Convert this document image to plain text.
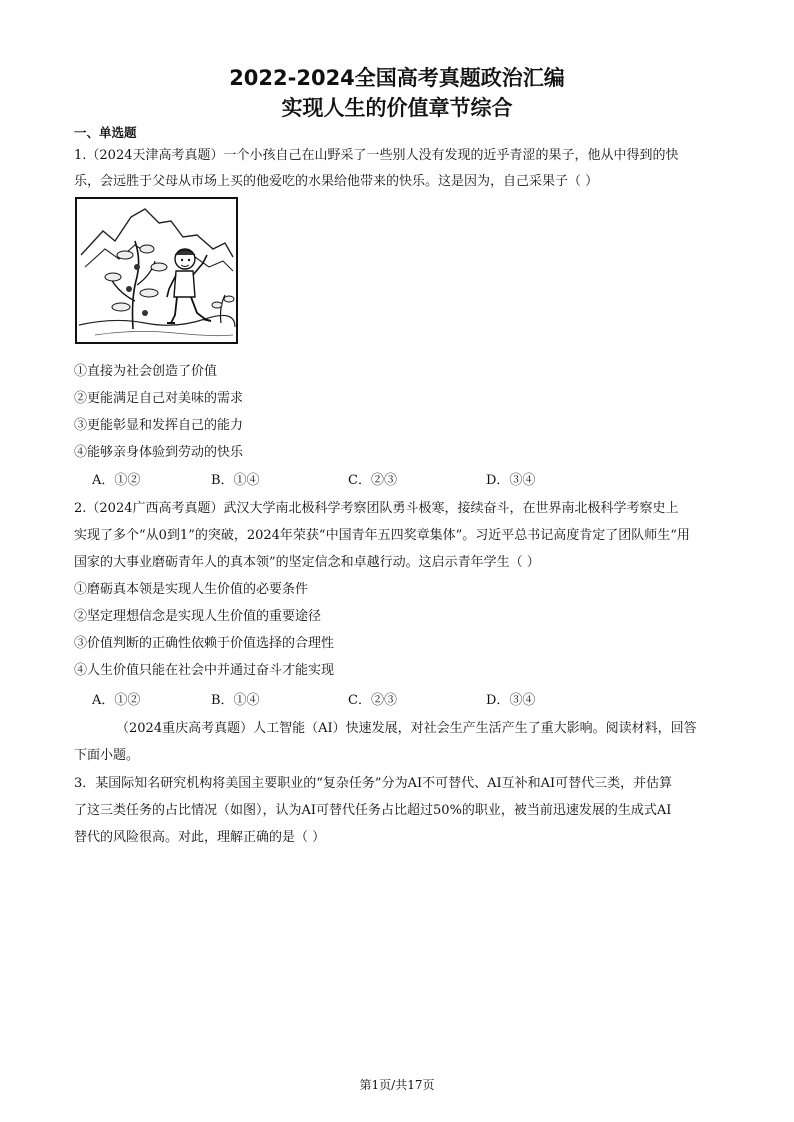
2022-2024全国高考真题政治汇编
实现人生的价值章节综合
一、单选题
1.（2024天津高考真题）一个小孩自己在山野采了一些别人没有发现的近乎青涩的果子，他从中得到的快
乐，会远胜于父母从市场上买的他爱吃的水果给他带来的快乐。这是因为，自己采果子（ ）
①直接为社会创造了价值
②更能满足自己对美味的需求
③更能彰显和发挥自己的能力
④能够亲身体验到劳动的快乐
A．①②	B．①④	C．②③	D．③④
2.（2024广西高考真题）武汉大学南北极科学考察团队勇斗极寒，接续奋斗，在世界南北极科学考察史上
实现了多个“从0到1”的突破，2024年荣获“中国青年五四奖章集体”。习近平总书记高度肯定了团队师生“用
国家的大事业磨砺青年人的真本领”的坚定信念和卓越行动。这启示青年学生（ ）
①磨砺真本领是实现人生价值的必要条件
②坚定理想信念是实现人生价值的重要途径
③价值判断的正确性依赖于价值选择的合理性
④人生价值只能在社会中并通过奋斗才能实现
A．①②	B．①④	C．②③	D．③④
（2024重庆高考真题）人工智能（AI）快速发展，对社会生产生活产生了重大影响。阅读材料，回答
下面小题。
3．某国际知名研究机构将美国主要职业的“复杂任务”分为AI不可替代、AI互补和AI可替代三类，并估算
了这三类任务的占比情况（如图），认为AI可替代任务占比超过50%的职业，被当前迅速发展的生成式AI
替代的风险很高。对此，理解正确的是（ ）
第1页/共17页
